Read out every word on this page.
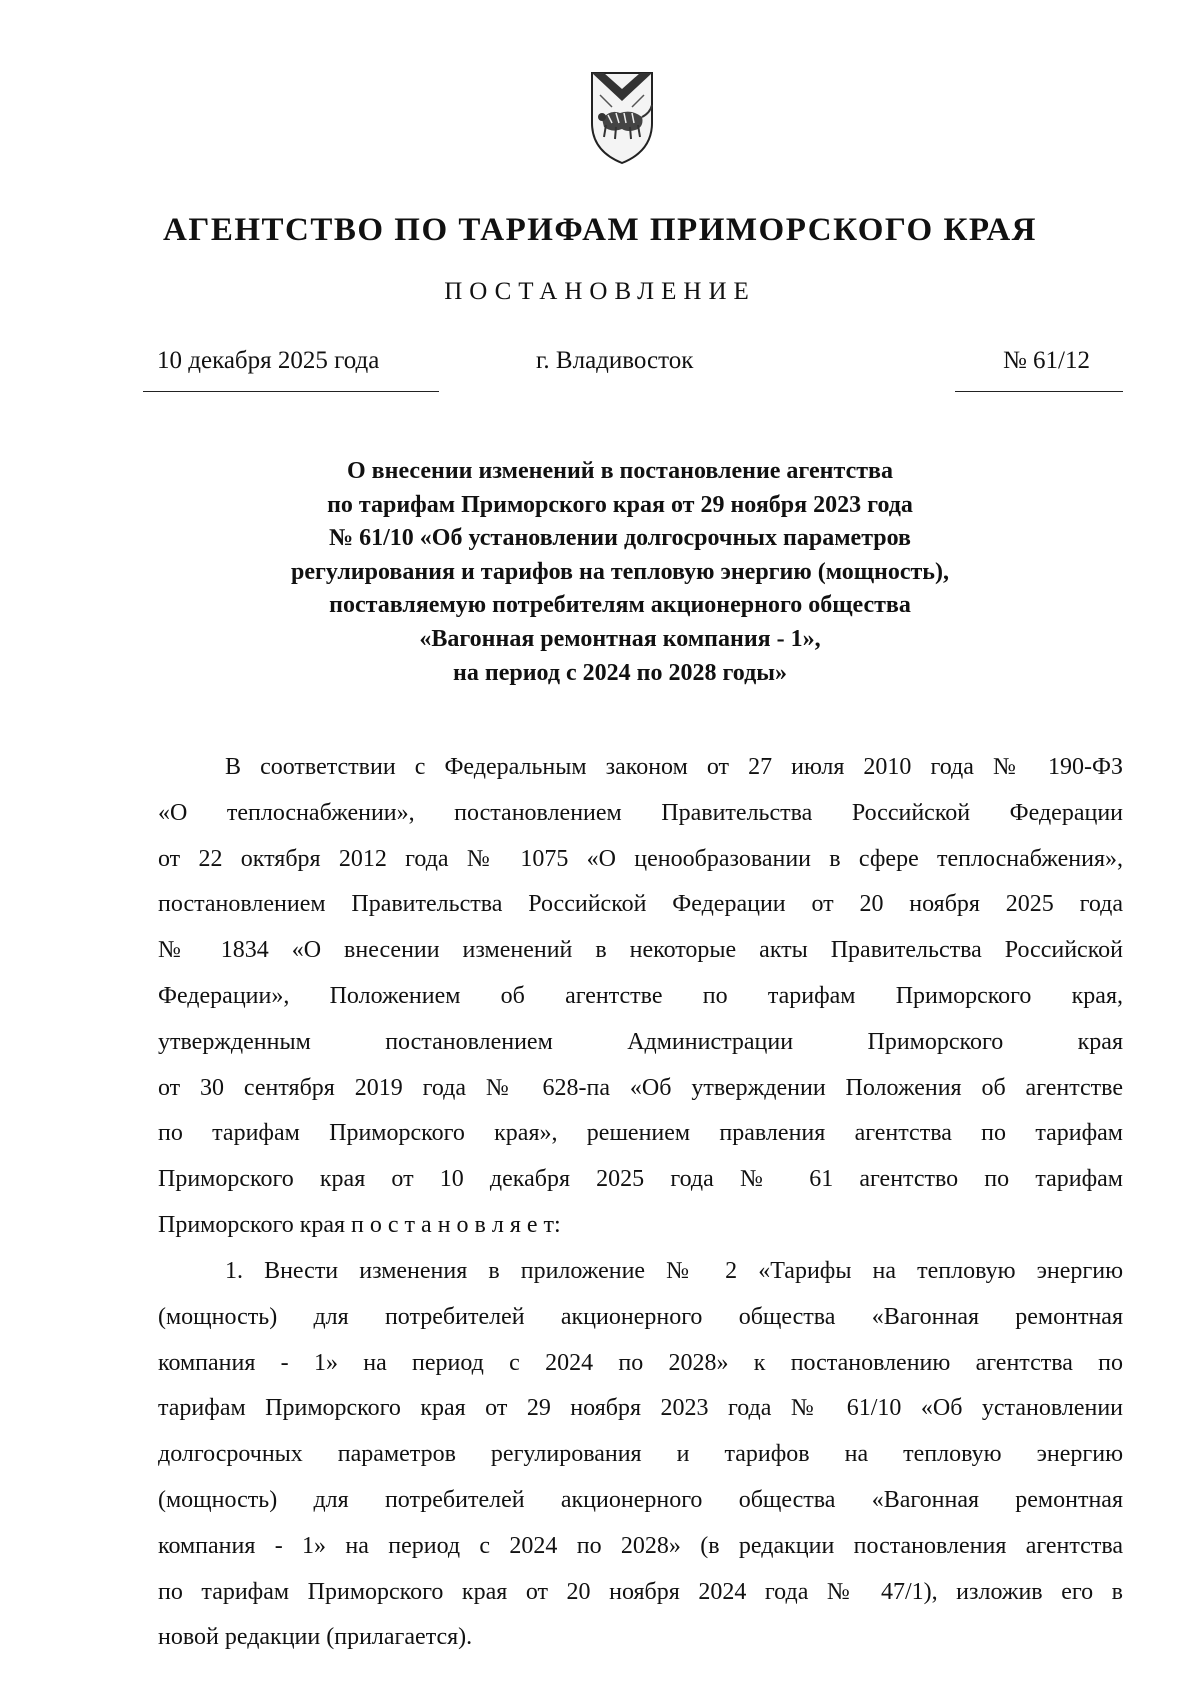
АГЕНТСТВО ПО ТАРИФАМ ПРИМОРСКОГО КРАЯ
ПОСТАНОВЛЕНИЕ
10 декабря 2025 года	г. Владивосток	№ 61/12
О внесении изменений в постановление агентства
по тарифам Приморского края от 29 ноября 2023 года
№ 61/10 «Об установлении долгосрочных параметров
регулирования и тарифов на тепловую энергию (мощность),
поставляемую потребителям акционерного общества
«Вагонная ремонтная компания - 1»,
на период с 2024 по 2028 годы»
В соответствии с Федеральным законом от 27 июля 2010 года № 190-ФЗ
«О теплоснабжении», постановлением Правительства Российской Федерации
от 22 октября 2012 года № 1075 «О ценообразовании в сфере теплоснабжения»,
постановлением Правительства Российской Федерации от 20 ноября 2025 года
№ 1834 «О внесении изменений в некоторые акты Правительства Российской
Федерации», Положением об агентстве по тарифам Приморского края,
утвержденным постановлением Администрации Приморского края
от 30 сентября 2019 года № 628-па «Об утверждении Положения об агентстве
по тарифам Приморского края», решением правления агентства по тарифам
Приморского края от 10 декабря 2025 года № 61 агентство по тарифам
Приморского края п о с т а н о в л я е т:
1. Внести изменения в приложение № 2 «Тарифы на тепловую энергию
(мощность) для потребителей акционерного общества «Вагонная ремонтная
компания - 1» на период с 2024 по 2028» к постановлению агентства по
тарифам Приморского края от 29 ноября 2023 года № 61/10 «Об установлении
долгосрочных параметров регулирования и тарифов на тепловую энергию
(мощность) для потребителей акционерного общества «Вагонная ремонтная
компания - 1» на период с 2024 по 2028» (в редакции постановления агентства
по тарифам Приморского края от 20 ноября 2024 года № 47/1), изложив его в
новой редакции (прилагается).
